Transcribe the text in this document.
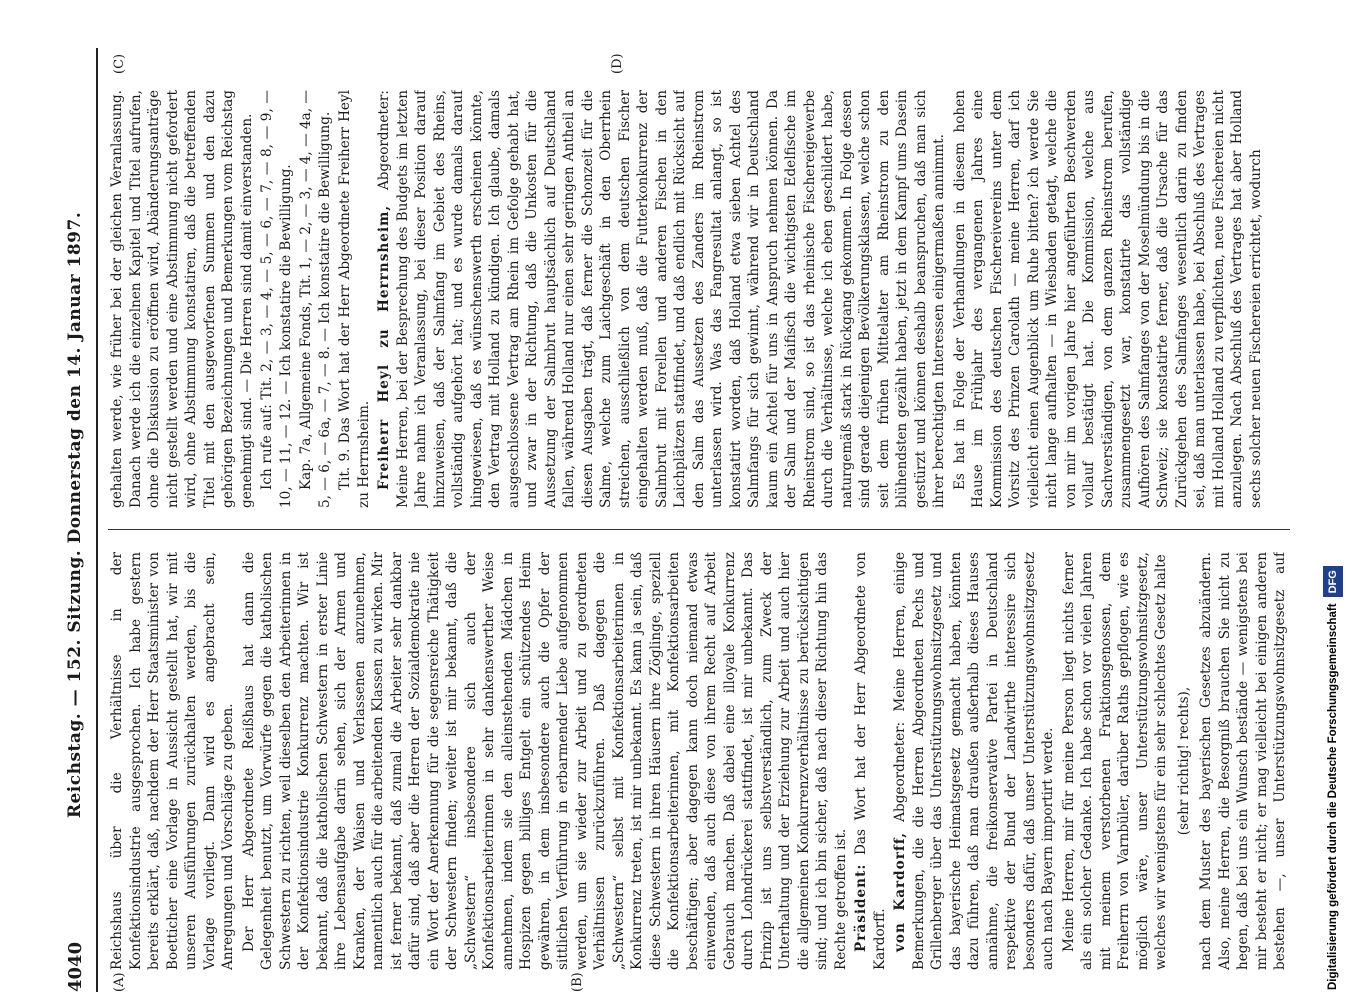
4040
Reichstag. — 152. Sitzung. Donnerstag den 14. Januar 1897.
(A)	(B)
(C)	(D)

Reichshaus über die Verhältnisse in der Konfektionsindustrie ausgesprochen. Ich habe gestern bereits erklärt, daß, nachdem der Herr Staatsminister von Boetticher eine Vorlage in Aussicht gestellt hat, wir mit unseren Ausführungen zurückhalten werden, bis die Vorlage vorliegt. Dann wird es angebracht sein, Anregungen und Vorschläge zu geben. Der Herr Abgeordnete Reißhaus hat dann die Gelegenheit benutzt, um Vorwürfe gegen die katholischen Schwestern zu richten, weil dieselben den Arbeiterinnen in der Konfektionsindustrie Konkurrenz machten. Wir ist bekannt, daß die katholischen Schwestern in erster Linie ihre Lebensaufgabe darin sehen, sich der Armen und Kranken, der Waisen und Verlassenen anzunehmen, namentlich auch für die arbeitenden Klassen zu wirken. Mir ist ferner bekannt, daß zumal die Arbeiter sehr dankbar dafür sind, daß aber die Herren der Sozialdemokratie nie ein Wort der Anerkennung für die segensreiche Thätigkeit der Schwestern finden; weiter ist mir bekannt, daß die „Schwestern“ insbesondere sich auch der Konfektionsarbeiterinnen in sehr dankenswerther Weise annehmen, indem sie den alleinstehenden Mädchen in Hospizen gegen billiges Entgelt ein schützendes Heim gewähren, in dem insbesondere auch die Opfer der sittlichen Verführung in erbarmender Liebe aufgenommen werden, um sie wieder zur Arbeit und zu geordneten Verhältnissen zurückzuführen. Daß dagegen die „Schwestern“ selbst mit Konfektionsarbeiterinnen in Konkurrenz treten, ist mir unbekannt. Es kann ja sein, daß diese Schwestern in ihren Häusern ihre Zöglinge, speziell die Konfektionsarbeiterinnen, mit Konfektionsarbeiten beschäftigen; aber dagegen kann doch niemand etwas einwenden, daß auch diese von ihrem Recht auf Arbeit Gebrauch machen. Daß dabei eine illoyale Konkurrenz durch Lohndrückerei stattfindet, ist mir unbekannt. Das Prinzip ist uns selbstverständlich, zum Zweck der Unterhaltung und der Erziehung zur Arbeit und auch hier die allgemeinen Konkurrenzverhältnisse zu berücksichtigen sind; und ich bin sicher, daß nach dieser Richtung hin das Rechte getroffen ist. Präsident: Das Wort hat der Herr Abgeordnete von Kardorff. von Kardorff, Abgeordneter: Meine Herren, einige Bemerkungen, die die Herren Abgeordneten Pechs und Grillenberger über das Unterstützungswohnsitzgesetz und das bayerische Heimatsgesetz gemacht haben, könnten dazu führen, daß man draußen außerhalb dieses Hauses annähme, die freikonservative Partei in Deutschland respektive der Bund der Landwirthe interessire sich besonders dafür, daß unser Unterstützungswohnsitzgesetz auch nach Bayern importirt werde. Meine Herren, mir für meine Person liegt nichts ferner als ein solcher Gedanke. Ich habe schon vor vielen Jahren mit meinem verstorbenen Fraktionsgenossen, dem Freiherrn von Varnbüler, darüber Raths gepflogen, wie es möglich wäre, unser Unterstützungswohnsitzgesetz, welches wir wenigstens für ein sehr schlechtes Gesetz halte (sehr richtig! rechts),

nach dem Muster des bayerischen Gesetzes abzuändern. Also, meine Herren, die Besorgniß brauchen Sie nicht zu hegen, daß bei uns ein Wunsch bestände — wenigstens bei mir besteht er nicht; er mag vielleicht bei einigen anderen bestehen —, unser Unterstützungswohnsitzgesetz auf

gehalten werde, wie früher bei der gleichen Veranlassung. Danach werde ich die einzelnen Kapitel und Titel aufrufen, ohne die Diskussion zu eröffnen wird, Abänderungsanträge nicht gestellt werden und eine Abstimmung nicht gefordert wird, ohne Abstimmung konstatiren, daß die betreffenden Titel mit den ausgeworfenen Summen und den dazu gehörigen Bezeichnungen und Bemerkungen vom Reichstag genehmigt sind. — Die Herren sind damit einverstanden. Ich rufe auf: Tit. 2, — 3, — 4, — 5, — 6, — 7, — 8, — 9, — 10, — 11, — 12. — Ich konstatire die Bewilligung. Kap. 7a, Allgemeine Fonds, Tit. 1, — 2, — 3, — 4, — 4a, — 5, — 6, — 6a, — 7, — 8. — Ich konstatire die Bewilligung. Tit. 9. Das Wort hat der Herr Abgeordnete Freiherr Heyl zu Herrnsheim. Freiherr Heyl zu Herrnsheim, Abgeordneter: Meine Herren, bei der Besprechung des Budgets im letzten Jahre nahm ich Veranlassung, bei dieser Position darauf hinzuweisen, daß der Salmfang im Gebiet des Rheins, vollständig aufgehört hat; und es wurde damals darauf hingewiesen, daß es wünschenswerth erscheinen könnte, den Vertrag mit Holland zu kündigen. Ich glaube, damals ausgeschlossene Vertrag am Rhein im Gefolge gehabt hat, und zwar in der Richtung, daß die Unkosten für die Aussetzung der Salmbrut hauptsächlich auf Deutschland fallen, während Holland nur einen sehr geringen Antheil an diesen Ausgaben trägt, daß ferner die Schonzeit für die Salme, welche zum Laichgeschäft in den Oberrhein streichen, ausschließlich von dem deutschen Fischer eingehalten werden muß, daß die Futterkonkurrenz der Salmbrut mit Forellen und anderen Fischen in den Laichplätzen stattfindet, und daß endlich mit Rücksicht auf den Salm das Aussetzen des Zanders im Rheinstrom unterlassen wird. Was das Fangresultat anlangt, so ist konstatirt worden, daß Holland etwa sieben Achtel des Salmfangs für sich gewinnt, während wir in Deutschland kaum ein Achtel für uns in Anspruch nehmen können. Da der Salm und der Maifisch die wichtigsten Edelfische im Rheinstrom sind, so ist das rheinische Fischereigewerbe durch die Verhältnisse, welche ich eben geschildert habe, naturgemäß stark in Rückgang gekommen. In Folge dessen sind gerade diejenigen Bevölkerungsklassen, welche schon seit dem frühen Mittelalter am Rheinstrom zu den blühendsten gezählt haben, jetzt in dem Kampf ums Dasein gestürzt und können deshalb beanspruchen, daß man sich ihrer berechtigten Interessen einigermaßen annimmt. Es hat in Folge der Verhandlungen in diesem hohen Hause im Frühjahr des vergangenen Jahres eine Kommission des deutschen Fischereivereins unter dem Vorsitz des Prinzen Carolath — meine Herren, darf ich vielleicht einen Augenblick um Ruhe bitten? ich werde Sie nicht lange aufhalten — in Wiesbaden getagt, welche die von mir im vorigen Jahre hier angeführten Beschwerden vollauf bestätigt hat. Die Kommission, welche aus Sachverständigen, von dem ganzen Rheinstrom berufen, zusammengesetzt war, konstatirte das vollständige Aufhören des Salmfanges von der Moselmündung bis in die Schweiz; sie konstatirte ferner, daß die Ursache für das Zurückgehen des Salmfanges wesentlich darin zu finden sei, daß man unterlassen habe, bei Abschluß des Vertrages mit Holland Holland zu verpflichten, neue Fischereien nicht anzulegen. Nach Abschluß des Vertrages hat aber Holland sechs solcher neuen Fischereien errichtet, wodurch

Digitalisierung gefördert durch die Deutsche ForschungsgemeinschaftDFG
